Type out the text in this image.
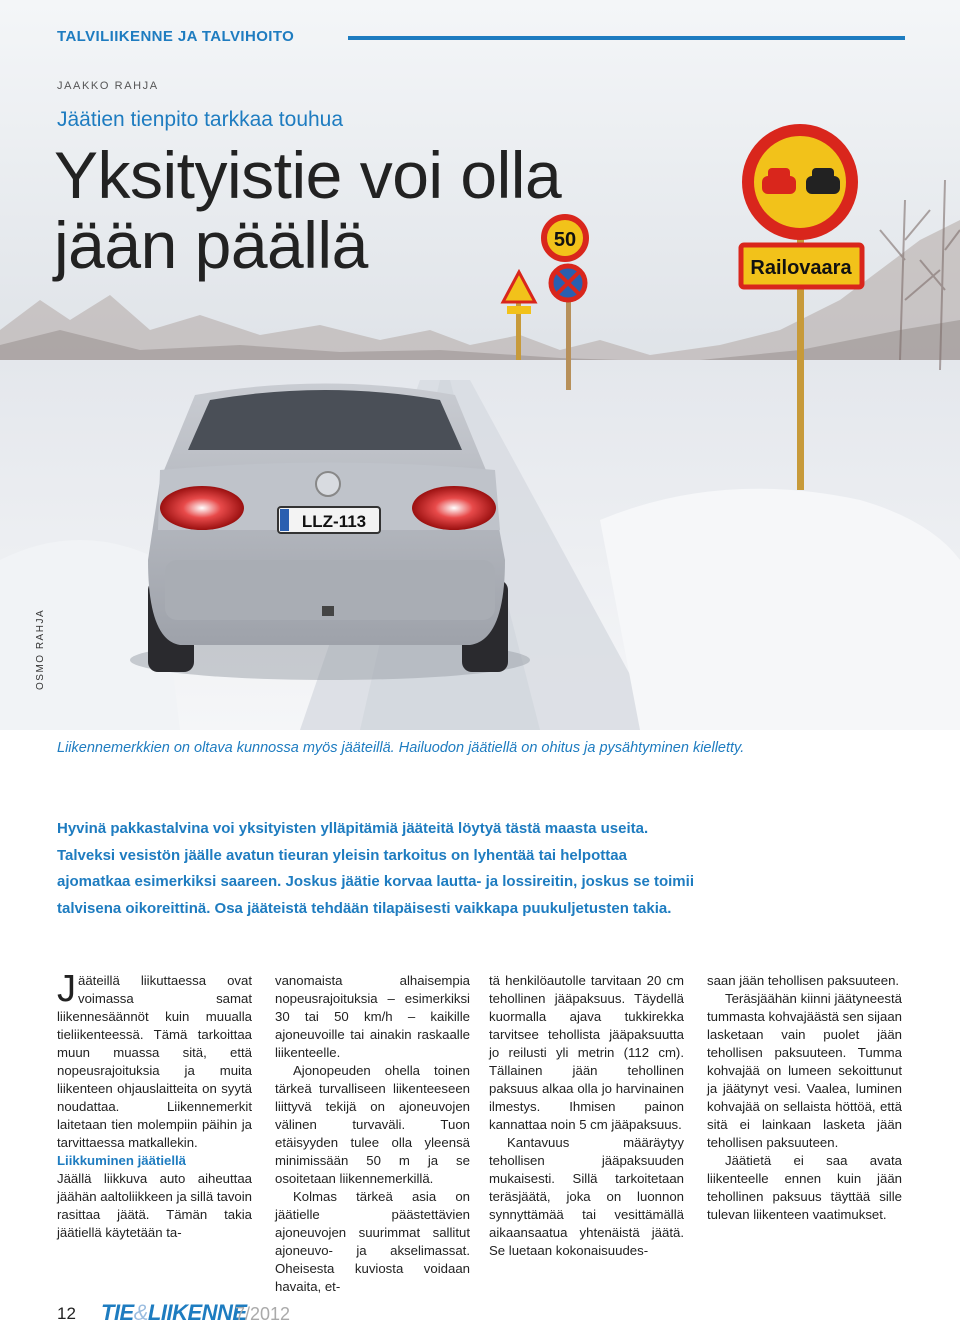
50
Railovaara
LLZ-113
TALVILIIKENNE JA TALVIHOITO
JAAKKO RAHJA
Jäätien tienpito tarkkaa touhua
Yksityistie voi olla
jään päällä
OSMO RAHJA
Liikennemerkkien on oltava kunnossa myös jääteillä. Hailuodon jäätiellä on ohitus ja pysähtyminen kielletty.

Hyvinä pakkastalvina voi yksityisten ylläpitämiä jääteitä löytyä tästä maasta useita.

Talveksi vesistön jäälle avatun tieuran yleisin tarkoitus on lyhentää tai helpottaa

ajomatkaa esimerkiksi saareen. Joskus jäätie korvaa lautta- ja lossireitin, joskus se toimii

talvisena oikoreittinä. Osa jääteistä tehdään tilapäisesti vaikkapa puukuljetusten takia.

Jääteillä liikuttaessa ovat voimassa samat liikennesäännöt kuin muualla tieliikenteessä. Tämä tarkoittaa muun muassa sitä, että nopeusrajoituksia ja muita liikenteen ohjauslaitteita on syytä noudattaa. Liikennemerkit laitetaan tien molempiin päihin ja tarvittaessa matkallekin.

Liikkuminen jäätiellä

Jäällä liikkuva auto aiheuttaa jäähän aaltoliikkeen ja sillä tavoin rasittaa jäätä. Tämän takia jäätiellä käytetään ta-

vanomaista alhaisempia nopeusrajoituksia – esimerkiksi 30 tai 50 km/h – kaikille ajoneuvoille tai ainakin raskaalle liikenteelle.

Ajonopeuden ohella toinen tärkeä turvalliseen liikenteeseen liittyvä tekijä on ajoneuvojen välinen turvaväli. Tuon etäisyyden tulee olla yleensä minimissään 50 m ja se osoitetaan liikennemerkillä.

Kolmas tärkeä asia on jäätielle päästettävien ajoneuvojen suurimmat sallitut ajoneuvo- ja akselimassat. Oheisesta kuviosta voidaan havaita, et-

tä henkilöautolle tarvitaan 20 cm tehollinen jääpaksuus. Täydellä kuormalla ajava tukkirekka tarvitsee tehollista jääpaksuutta jo reilusti yli metrin (112 cm). Tällainen jään tehollinen paksuus alkaa olla jo harvinainen ilmestys. Ihmisen painon kannattaa noin 5 cm jääpaksuus.

Kantavuus määräytyy tehollisen jääpaksuuden mukaisesti. Sillä tarkoitetaan teräsjäätä, joka on luonnon synnyttämää tai vesittämällä aikaansaatua yhtenäistä jäätä. Se luetaan kokonaisuudes-

saan jään tehollisen paksuuteen.

Teräsjäähän kiinni jäätyneestä tummasta kohvajäästä sen sijaan lasketaan vain puolet jään tehollisen paksuuteen. Tumma kohvajää on lumeen sekoittunut ja jäätynyt vesi. Vaalea, luminen kohvajää on sellaista höttöä, että sitä ei lainkaan lasketa jään tehollisen paksuuteen.

Jäätietä ei saa avata liikenteelle ennen kuin jään tehollinen paksuus täyttää sille tulevan liikenteen vaatimukset.

12 TIE&LIIKENNE
7/2012
